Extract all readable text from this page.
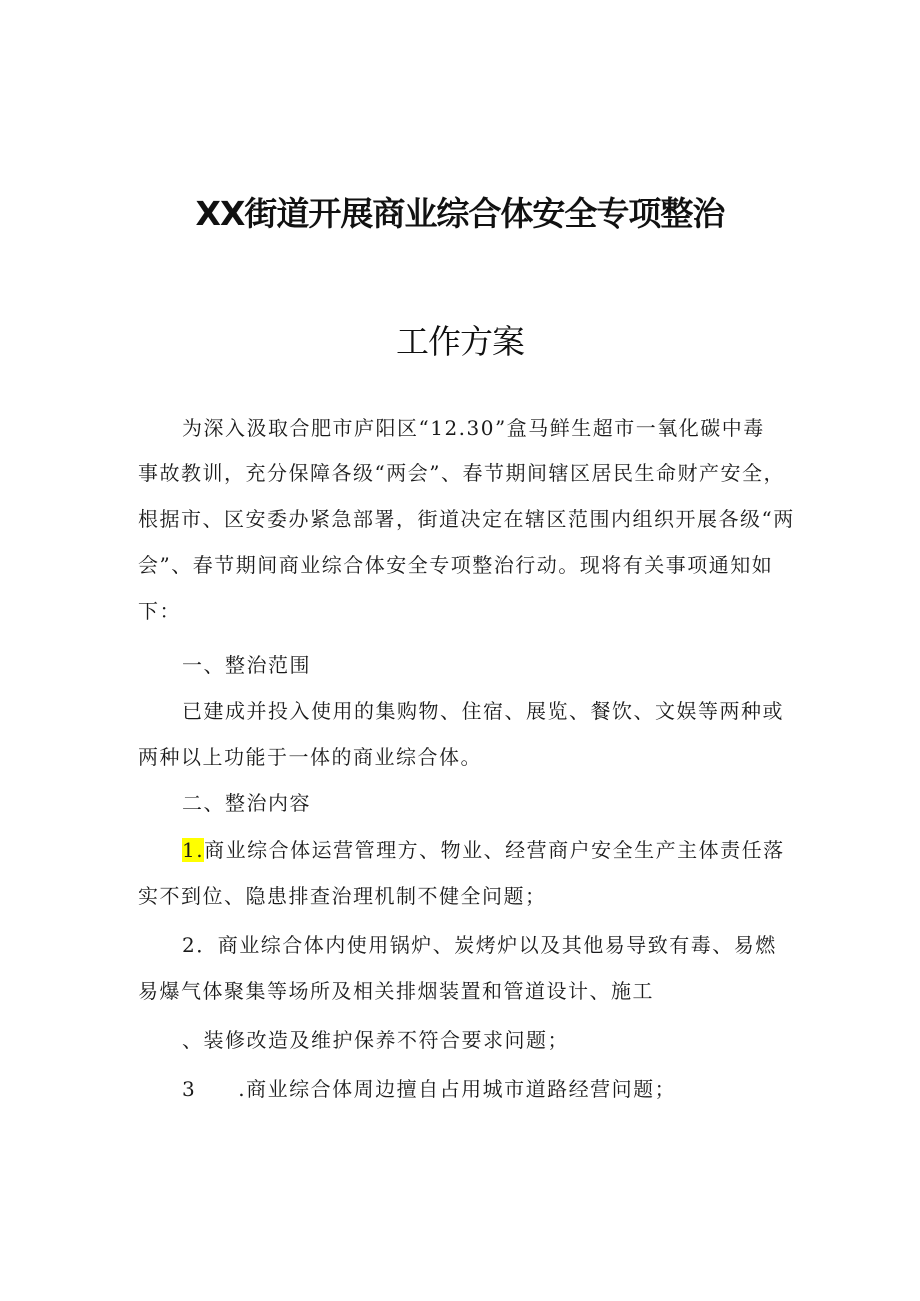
XX街道开展商业综合体安全专项整治
工作方案
为深入汲取合肥市庐阳区“12.30”盒马鲜生超市一氧化碳中毒
事故教训，充分保障各级“两会”、春节期间辖区居民生命财产安全，
根据市、区安委办紧急部署，街道决定在辖区范围内组织开展各级“两
会”、春节期间商业综合体安全专项整治行动。现将有关事项通知如
下：
一、整治范围
已建成并投入使用的集购物、住宿、展览、餐饮、文娱等两种或
两种以上功能于一体的商业综合体。
二、整治内容
1.商业综合体运营管理方、物业、经营商户安全生产主体责任落
实不到位、隐患排查治理机制不健全问题；
2．商业综合体内使用锅炉、炭烤炉以及其他易导致有毒、易燃
易爆气体聚集等场所及相关排烟装置和管道设计、施工
、装修改造及维护保养不符合要求问题；
3 .商业综合体周边擅自占用城市道路经营问题；
